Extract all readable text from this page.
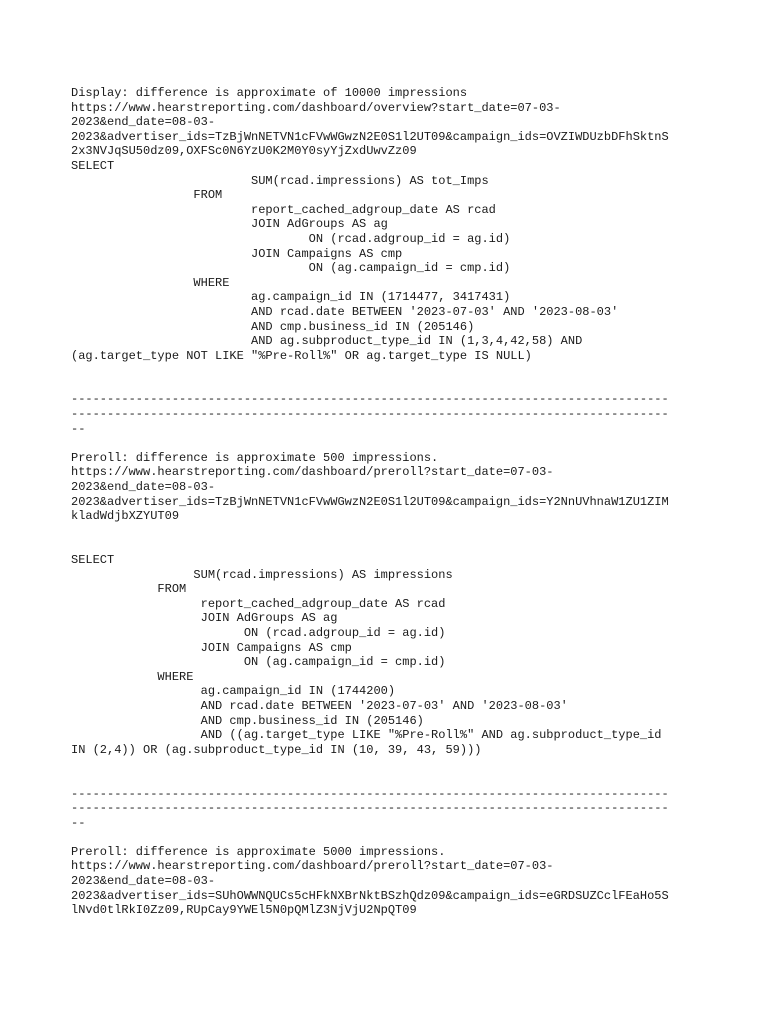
Display: difference is approximate of 10000 impressions
https://www.hearstreporting.com/dashboard/overview?start_date=07-03-
2023&end_date=08-03-
2023&advertiser_ids=TzBjWnNETVN1cFVwWGwzN2E0S1l2UT09&campaign_ids=OVZIWDUzbDFhSktnS
2x3NVJqSU50dz09,OXFSc0N6YzU0K2M0Y0syYjZxdUwvZz09
SELECT
SUM(rcad.impressions) AS tot_Imps
FROM
report_cached_adgroup_date AS rcad
JOIN AdGroups AS ag
ON (rcad.adgroup_id = ag.id)
JOIN Campaigns AS cmp
ON (ag.campaign_id = cmp.id)
WHERE
ag.campaign_id IN (1714477, 3417431)
AND rcad.date BETWEEN '2023-07-03' AND '2023-08-03'
AND cmp.business_id IN (205146)
AND ag.subproduct_type_id IN (1,3,4,42,58) AND
(ag.target_type NOT LIKE "%Pre-Roll%" OR ag.target_type IS NULL)
-----------------------------------------------------------------------------------
-----------------------------------------------------------------------------------
--
Preroll: difference is approximate 500 impressions.
https://www.hearstreporting.com/dashboard/preroll?start_date=07-03-
2023&end_date=08-03-
2023&advertiser_ids=TzBjWnNETVN1cFVwWGwzN2E0S1l2UT09&campaign_ids=Y2NnUVhnaW1ZU1ZIM
kladWdjbXZYUT09
SELECT
SUM(rcad.impressions) AS impressions
FROM
report_cached_adgroup_date AS rcad
JOIN AdGroups AS ag
ON (rcad.adgroup_id = ag.id)
JOIN Campaigns AS cmp
ON (ag.campaign_id = cmp.id)
WHERE
ag.campaign_id IN (1744200)
AND rcad.date BETWEEN '2023-07-03' AND '2023-08-03'
AND cmp.business_id IN (205146)
AND ((ag.target_type LIKE "%Pre-Roll%" AND ag.subproduct_type_id
IN (2,4)) OR (ag.subproduct_type_id IN (10, 39, 43, 59)))
-----------------------------------------------------------------------------------
-----------------------------------------------------------------------------------
--
Preroll: difference is approximate 5000 impressions.
https://www.hearstreporting.com/dashboard/preroll?start_date=07-03-
2023&end_date=08-03-
2023&advertiser_ids=SUhOWWNQUCs5cHFkNXBrNktBSzhQdz09&campaign_ids=eGRDSUZCclFEaHo5S
lNvd0tlRkI0Zz09,RUpCay9YWEl5N0pQMlZ3NjVjU2NpQT09
